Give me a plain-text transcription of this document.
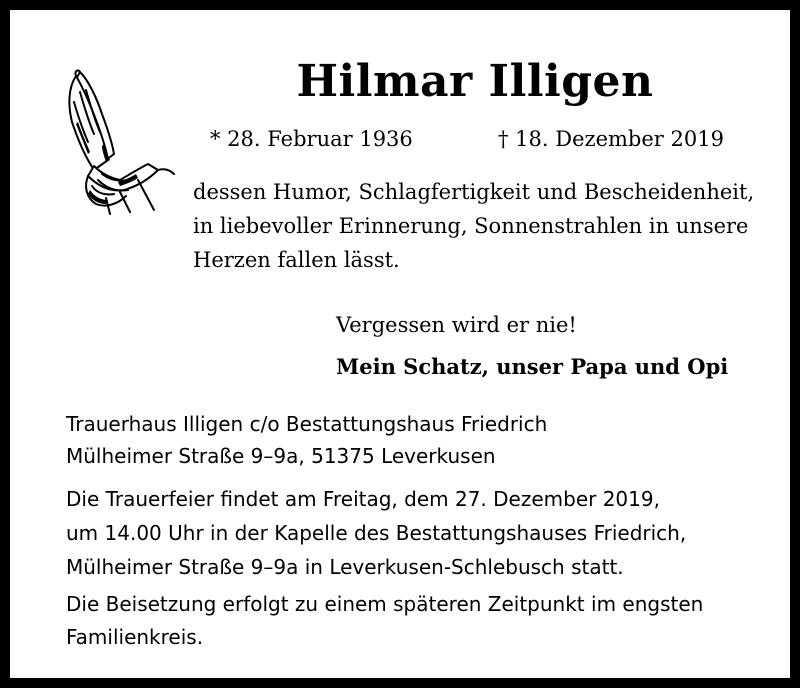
Hilmar Illigen
* 28. Februar 1936	† 18. Dezember 2019
dessen Humor, Schlagfertigkeit und Bescheidenheit,
in liebevoller Erinnerung, Sonnenstrahlen in unsere
Herzen fallen lässt.
Vergessen wird er nie!
Mein Schatz, unser Papa und Opi
Trauerhaus Illigen c/o Bestattungshaus Friedrich
Mülheimer Straße 9–9a, 51375 Leverkusen
Die Trauerfeier findet am Freitag, dem 27. Dezember 2019,
um 14.00 Uhr in der Kapelle des Bestattungshauses Friedrich,
Mülheimer Straße 9–9a in Leverkusen-Schlebusch statt.
Die Beisetzung erfolgt zu einem späteren Zeitpunkt im engsten
Familienkreis.
